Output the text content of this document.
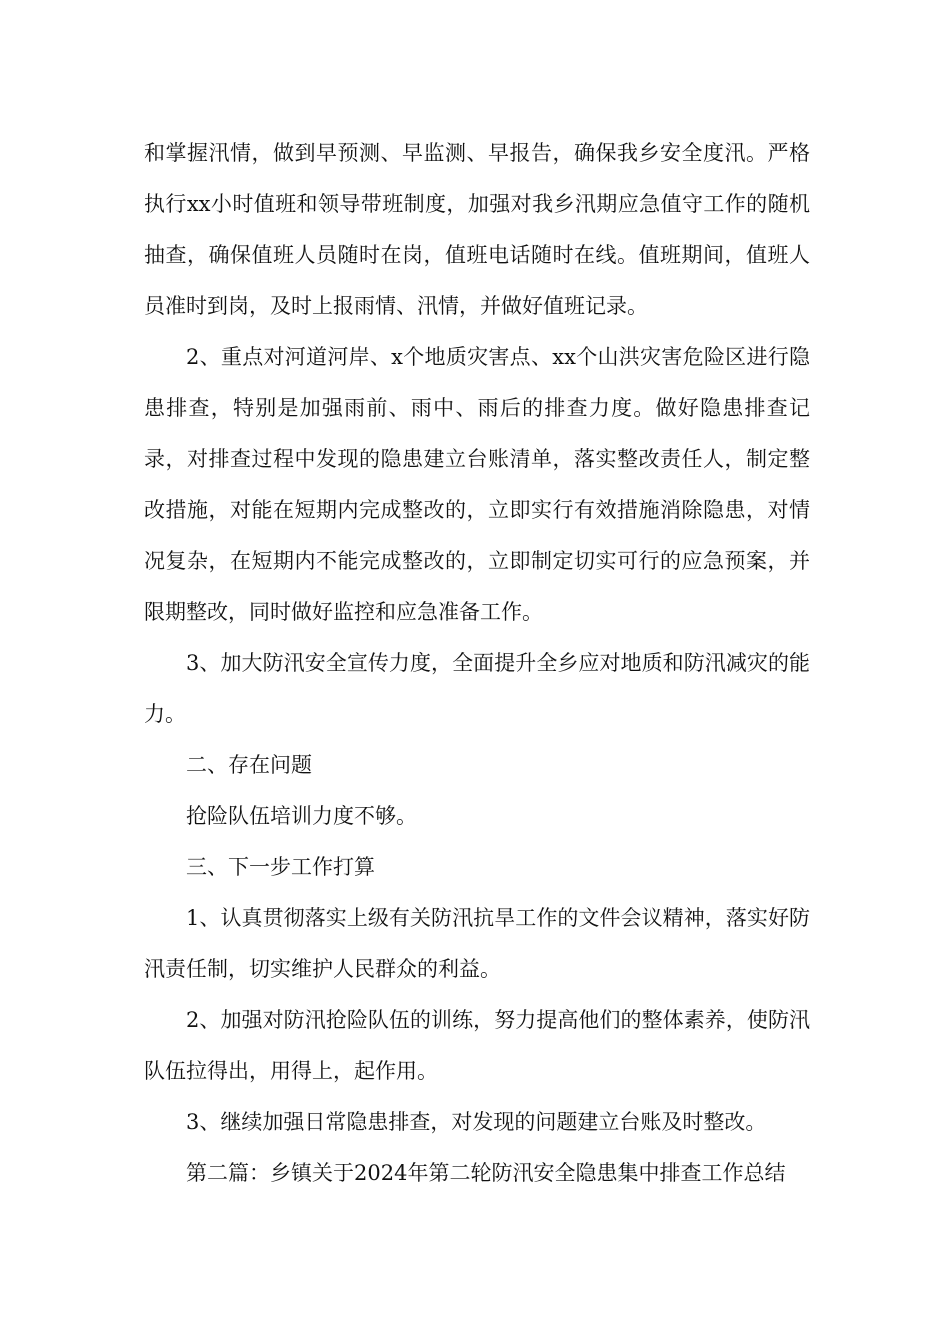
和掌握汛情，做到早预测、早监测、早报告，确保我乡安全度汛。严格执行xx小时值班和领导带班制度，加强对我乡汛期应急值守工作的随机抽查，确保值班人员随时在岗，值班电话随时在线。值班期间，值班人员准时到岗，及时上报雨情、汛情，并做好值班记录。

2、重点对河道河岸、x个地质灾害点、xx个山洪灾害危险区进行隐患排查，特别是加强雨前、雨中、雨后的排查力度。做好隐患排查记录，对排查过程中发现的隐患建立台账清单，落实整改责任人，制定整改措施，对能在短期内完成整改的，立即实行有效措施消除隐患，对情况复杂，在短期内不能完成整改的，立即制定切实可行的应急预案，并限期整改，同时做好监控和应急准备工作。

3、加大防汛安全宣传力度，全面提升全乡应对地质和防汛减灾的能力。

二、存在问题

抢险队伍培训力度不够。

三、下一步工作打算

1、认真贯彻落实上级有关防汛抗旱工作的文件会议精神，落实好防汛责任制，切实维护人民群众的利益。

2、加强对防汛抢险队伍的训练，努力提高他们的整体素养，使防汛队伍拉得出，用得上，起作用。

3、继续加强日常隐患排查，对发现的问题建立台账及时整改。

第二篇：乡镇关于2024年第二轮防汛安全隐患集中排查工作总结
